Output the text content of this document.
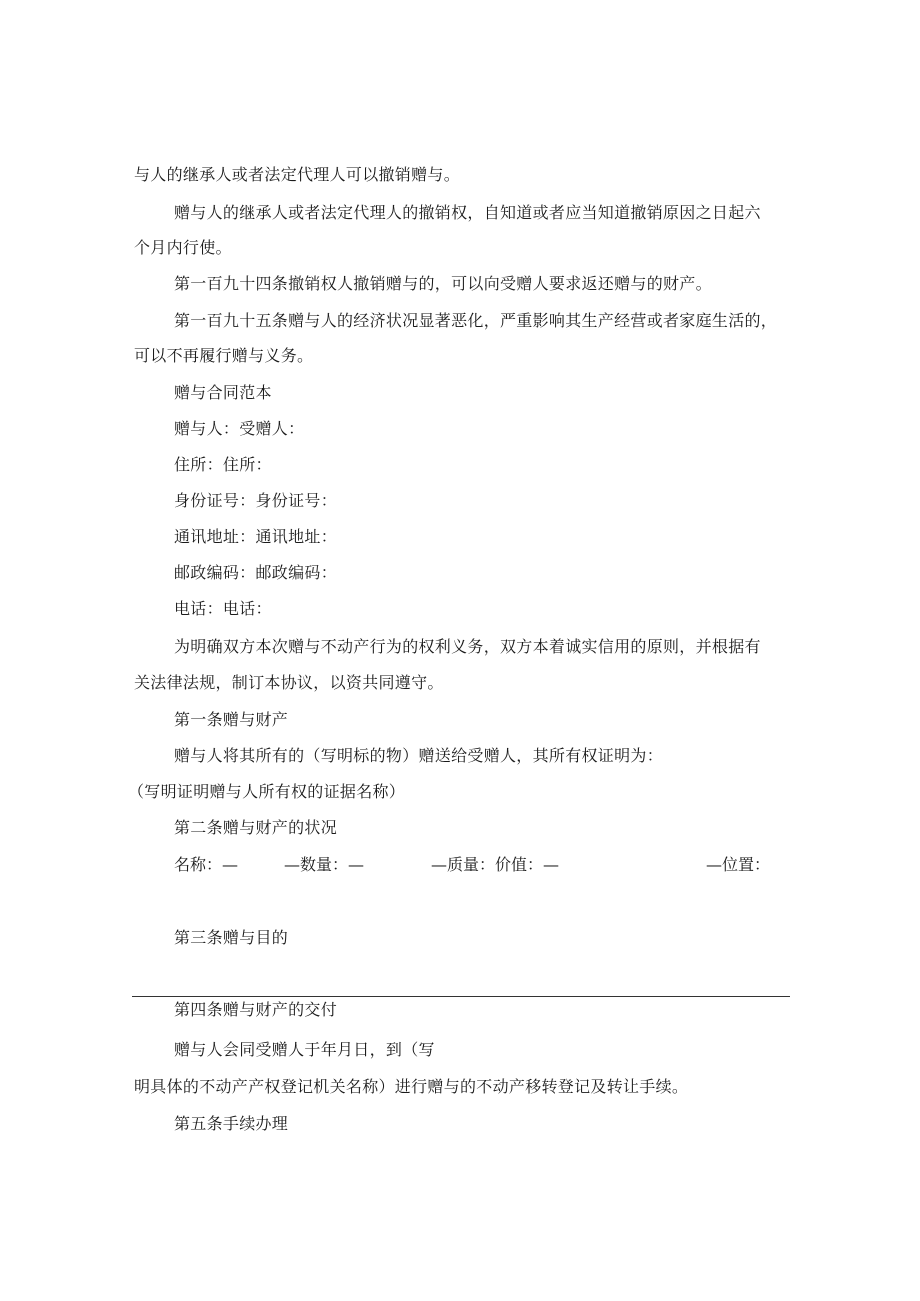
与人的继承人或者法定代理人可以撤销赠与。
赠与人的继承人或者法定代理人的撤销权，自知道或者应当知道撤销原因之日起六
个月内行使。
第一百九十四条撤销权人撤销赠与的，可以向受赠人要求返还赠与的财产。
第一百九十五条赠与人的经济状况显著恶化，严重影响其生产经营或者家庭生活的，
可以不再履行赠与义务。
赠与合同范本
赠与人：受赠人：
住所：住所：
身份证号：身份证号：
通讯地址：通讯地址：
邮政编码：邮政编码：
电话：电话：
为明确双方本次赠与不动产行为的权利义务，双方本着诚实信用的原则，并根据有
关法律法规，制订本协议，以资共同遵守。
第一条赠与财产
赠与人将其所有的（写明标的物）赠送给受赠人，其所有权证明为：
（写明证明赠与人所有权的证据名称）
第二条赠与财产的状况
名称：—	—数量：—	—质量：价值：—	—位置：
第三条赠与目的
第四条赠与财产的交付
赠与人会同受赠人于年月日，到（写
明具体的不动产产权登记机关名称）进行赠与的不动产移转登记及转让手续。
第五条手续办理
